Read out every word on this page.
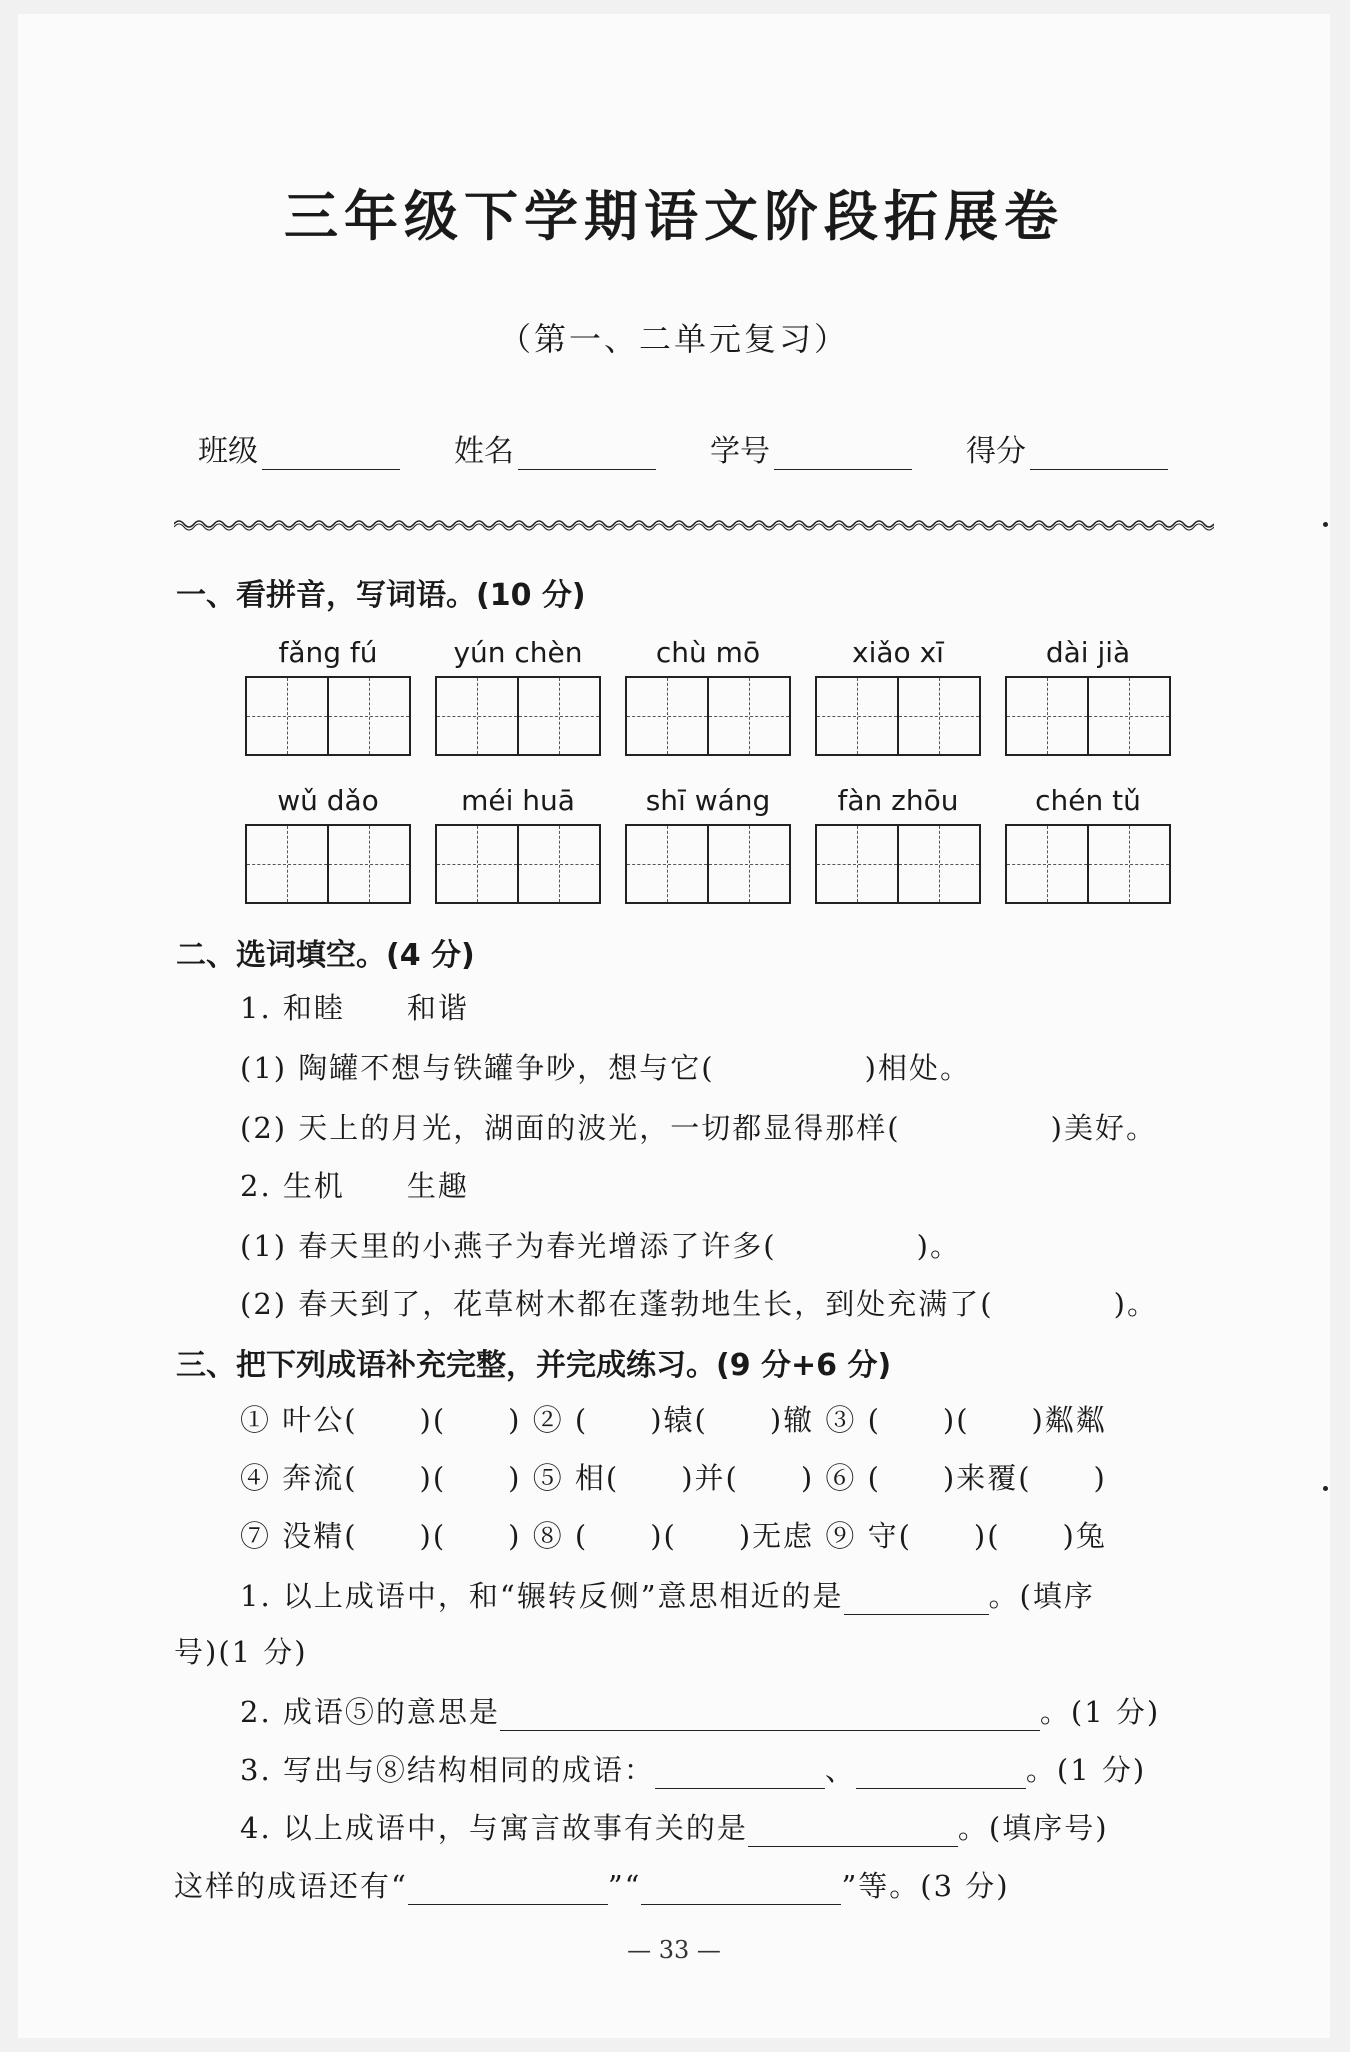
三年级下学期语文阶段拓展卷
（第一、二单元复习）
班级	姓名	学号	得分
一、看拼音，写词语。(10 分)
fǎng fú	yún chèn	chù mō	xiǎo xī	dài jià
wǔ dǎo	méi huā	shī wáng	fàn zhōu	chén tǔ
二、选词填空。(4 分)
1. 和睦　　和谐
(1) 陶罐不想与铁罐争吵，想与它(	)相处。
(2) 天上的月光，湖面的波光，一切都显得那样(	)美好。
2. 生机　　生趣
(1) 春天里的小燕子为春光增添了许多(	)。
(2) 春天到了，花草树木都在蓬勃地生长，到处充满了(	)。
三、把下列成语补充完整，并完成练习。(9 分+6 分)
① 叶公(　　)(　　) ② (　　)辕(　　)辙 ③ (　　)(　　)粼粼
④ 奔流(　　)(　　) ⑤ 相(　　)并(　　) ⑥ (　　)来覆(　　)
⑦ 没精(　　)(　　) ⑧ (　　)(　　)无虑 ⑨ 守(　　)(　　)兔
1. 以上成语中，和“辗转反侧”意思相近的是	。(填序
号)(1 分)
2. 成语⑤的意思是	。(1 分)
3. 写出与⑧结构相同的成语：	、	。(1 分)
4. 以上成语中，与寓言故事有关的是	。(填序号)
这样的成语还有“	”“	”等。(3 分)
— 33 —
